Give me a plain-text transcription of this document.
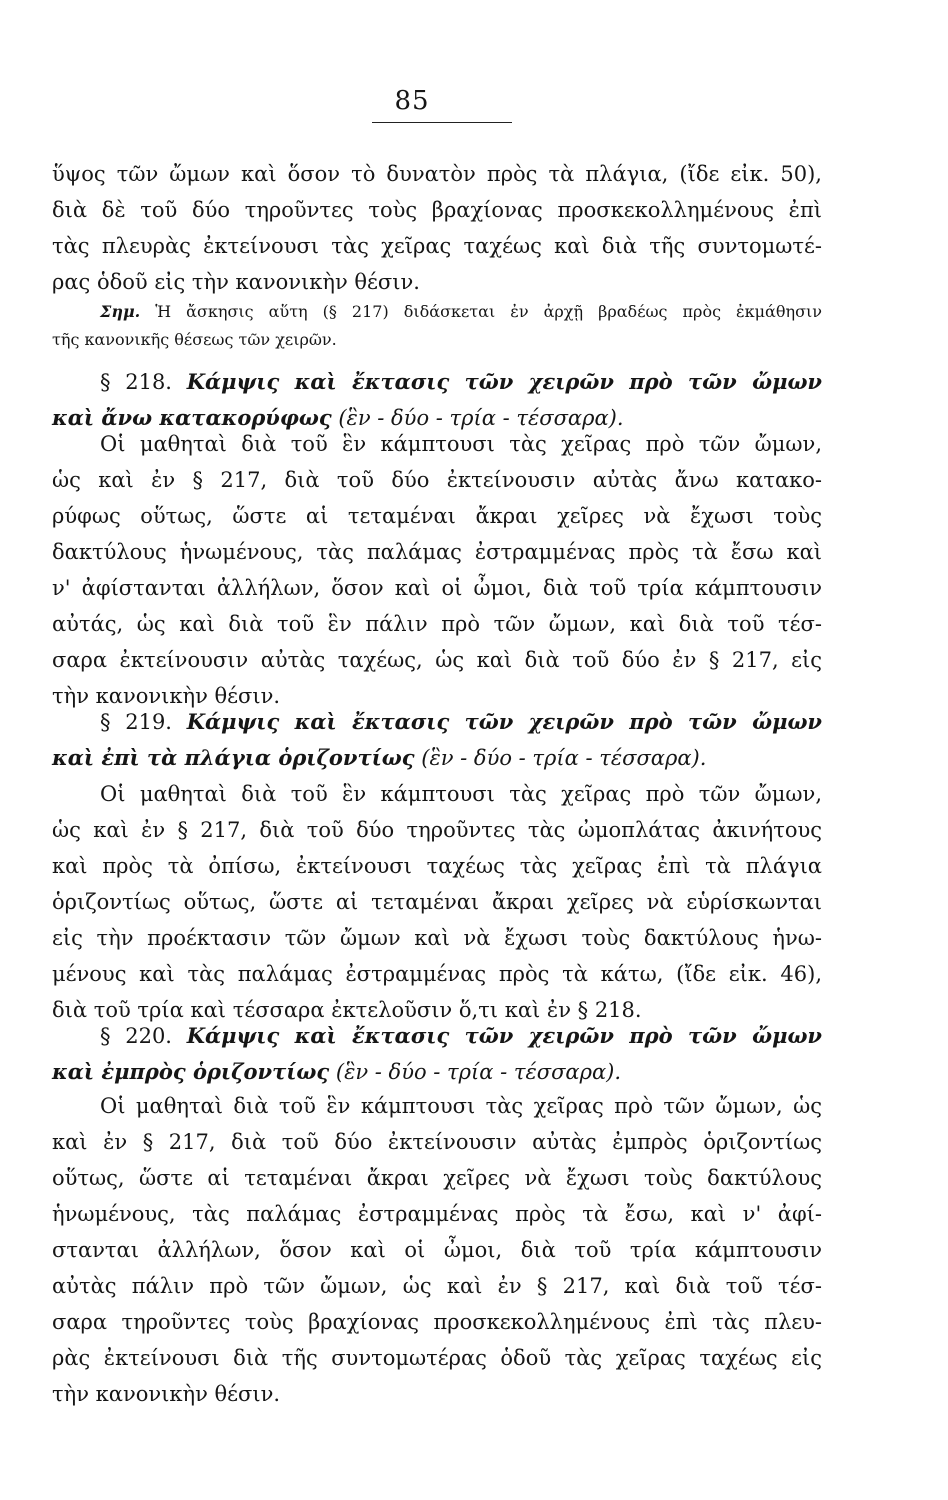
85
ὕψος τῶν ὤμων καὶ ὅσον τὸ δυνατὸν πρὸς τὰ πλάγια, (ἴδε εἰκ. 50),
διὰ δὲ τοῦ δύο τηροῦντες τοὺς βραχίονας προσκεκολλημένους ἐπὶ
τὰς πλευρὰς ἐκτείνουσι τὰς χεῖρας ταχέως καὶ διὰ τῆς συντομωτέ-
ρας ὁδοῦ εἰς τὴν κανονικὴν θέσιν.
Σημ. Ἡ ἄσκησις αὕτη (§ 217) διδάσκεται ἐν ἀρχῇ βραδέως πρὸς ἐκμάθησιν
τῆς κανονικῆς θέσεως τῶν χειρῶν.
§ 218. Κάμψις καὶ ἔκτασις τῶν χειρῶν πρὸ τῶν ὤμων
καὶ ἄνω κατακορύφως (ἓν - δύο - τρία - τέσσαρα).
Οἱ μαθηταὶ διὰ τοῦ ἓν κάμπτουσι τὰς χεῖρας πρὸ τῶν ὤμων,
ὡς καὶ ἐν § 217, διὰ τοῦ δύο ἐκτείνουσιν αὐτὰς ἄνω κατακο-
ρύφως οὕτως, ὥστε αἱ τεταμέναι ἄκραι χεῖρες νὰ ἔχωσι τοὺς
δακτύλους ἡνωμένους, τὰς παλάμας ἐστραμμένας πρὸς τὰ ἔσω καὶ
ν' ἀφίστανται ἀλλήλων, ὅσον καὶ οἱ ὦμοι, διὰ τοῦ τρία κάμπτουσιν
αὐτάς, ὡς καὶ διὰ τοῦ ἓν πάλιν πρὸ τῶν ὤμων, καὶ διὰ τοῦ τέσ-
σαρα ἐκτείνουσιν αὐτὰς ταχέως, ὡς καὶ διὰ τοῦ δύο ἐν § 217, εἰς
τὴν κανονικὴν θέσιν.
§ 219. Κάμψις καὶ ἔκτασις τῶν χειρῶν πρὸ τῶν ὤμων
καὶ ἐπὶ τὰ πλάγια ὁριζοντίως (ἓν - δύο - τρία - τέσσαρα).
Οἱ μαθηταὶ διὰ τοῦ ἓν κάμπτουσι τὰς χεῖρας πρὸ τῶν ὤμων,
ὡς καὶ ἐν § 217, διὰ τοῦ δύο τηροῦντες τὰς ὠμοπλάτας ἀκινήτους
καὶ πρὸς τὰ ὀπίσω, ἐκτείνουσι ταχέως τὰς χεῖρας ἐπὶ τὰ πλάγια
ὁριζοντίως οὕτως, ὥστε αἱ τεταμέναι ἄκραι χεῖρες νὰ εὑρίσκωνται
εἰς τὴν προέκτασιν τῶν ὤμων καὶ νὰ ἔχωσι τοὺς δακτύλους ἡνω-
μένους καὶ τὰς παλάμας ἐστραμμένας πρὸς τὰ κάτω, (ἴδε εἰκ. 46),
διὰ τοῦ τρία καὶ τέσσαρα ἐκτελοῦσιν ὅ,τι καὶ ἐν § 218.
§ 220. Κάμψις καὶ ἔκτασις τῶν χειρῶν πρὸ τῶν ὤμων
καὶ ἐμπρὸς ὁριζοντίως (ἓν - δύο - τρία - τέσσαρα).
Οἱ μαθηταὶ διὰ τοῦ ἓν κάμπτουσι τὰς χεῖρας πρὸ τῶν ὤμων, ὡς
καὶ ἐν § 217, διὰ τοῦ δύο ἐκτείνουσιν αὐτὰς ἐμπρὸς ὁριζοντίως
οὕτως, ὥστε αἱ τεταμέναι ἄκραι χεῖρες νὰ ἔχωσι τοὺς δακτύλους
ἡνωμένους, τὰς παλάμας ἐστραμμένας πρὸς τὰ ἔσω, καὶ ν' ἀφί-
στανται ἀλλήλων, ὅσον καὶ οἱ ὦμοι, διὰ τοῦ τρία κάμπτουσιν
αὐτὰς πάλιν πρὸ τῶν ὤμων, ὡς καὶ ἐν § 217, καὶ διὰ τοῦ τέσ-
σαρα τηροῦντες τοὺς βραχίονας προσκεκολλημένους ἐπὶ τὰς πλευ-
ρὰς ἐκτείνουσι διὰ τῆς συντομωτέρας ὁδοῦ τὰς χεῖρας ταχέως εἰς
τὴν κανονικὴν θέσιν.
